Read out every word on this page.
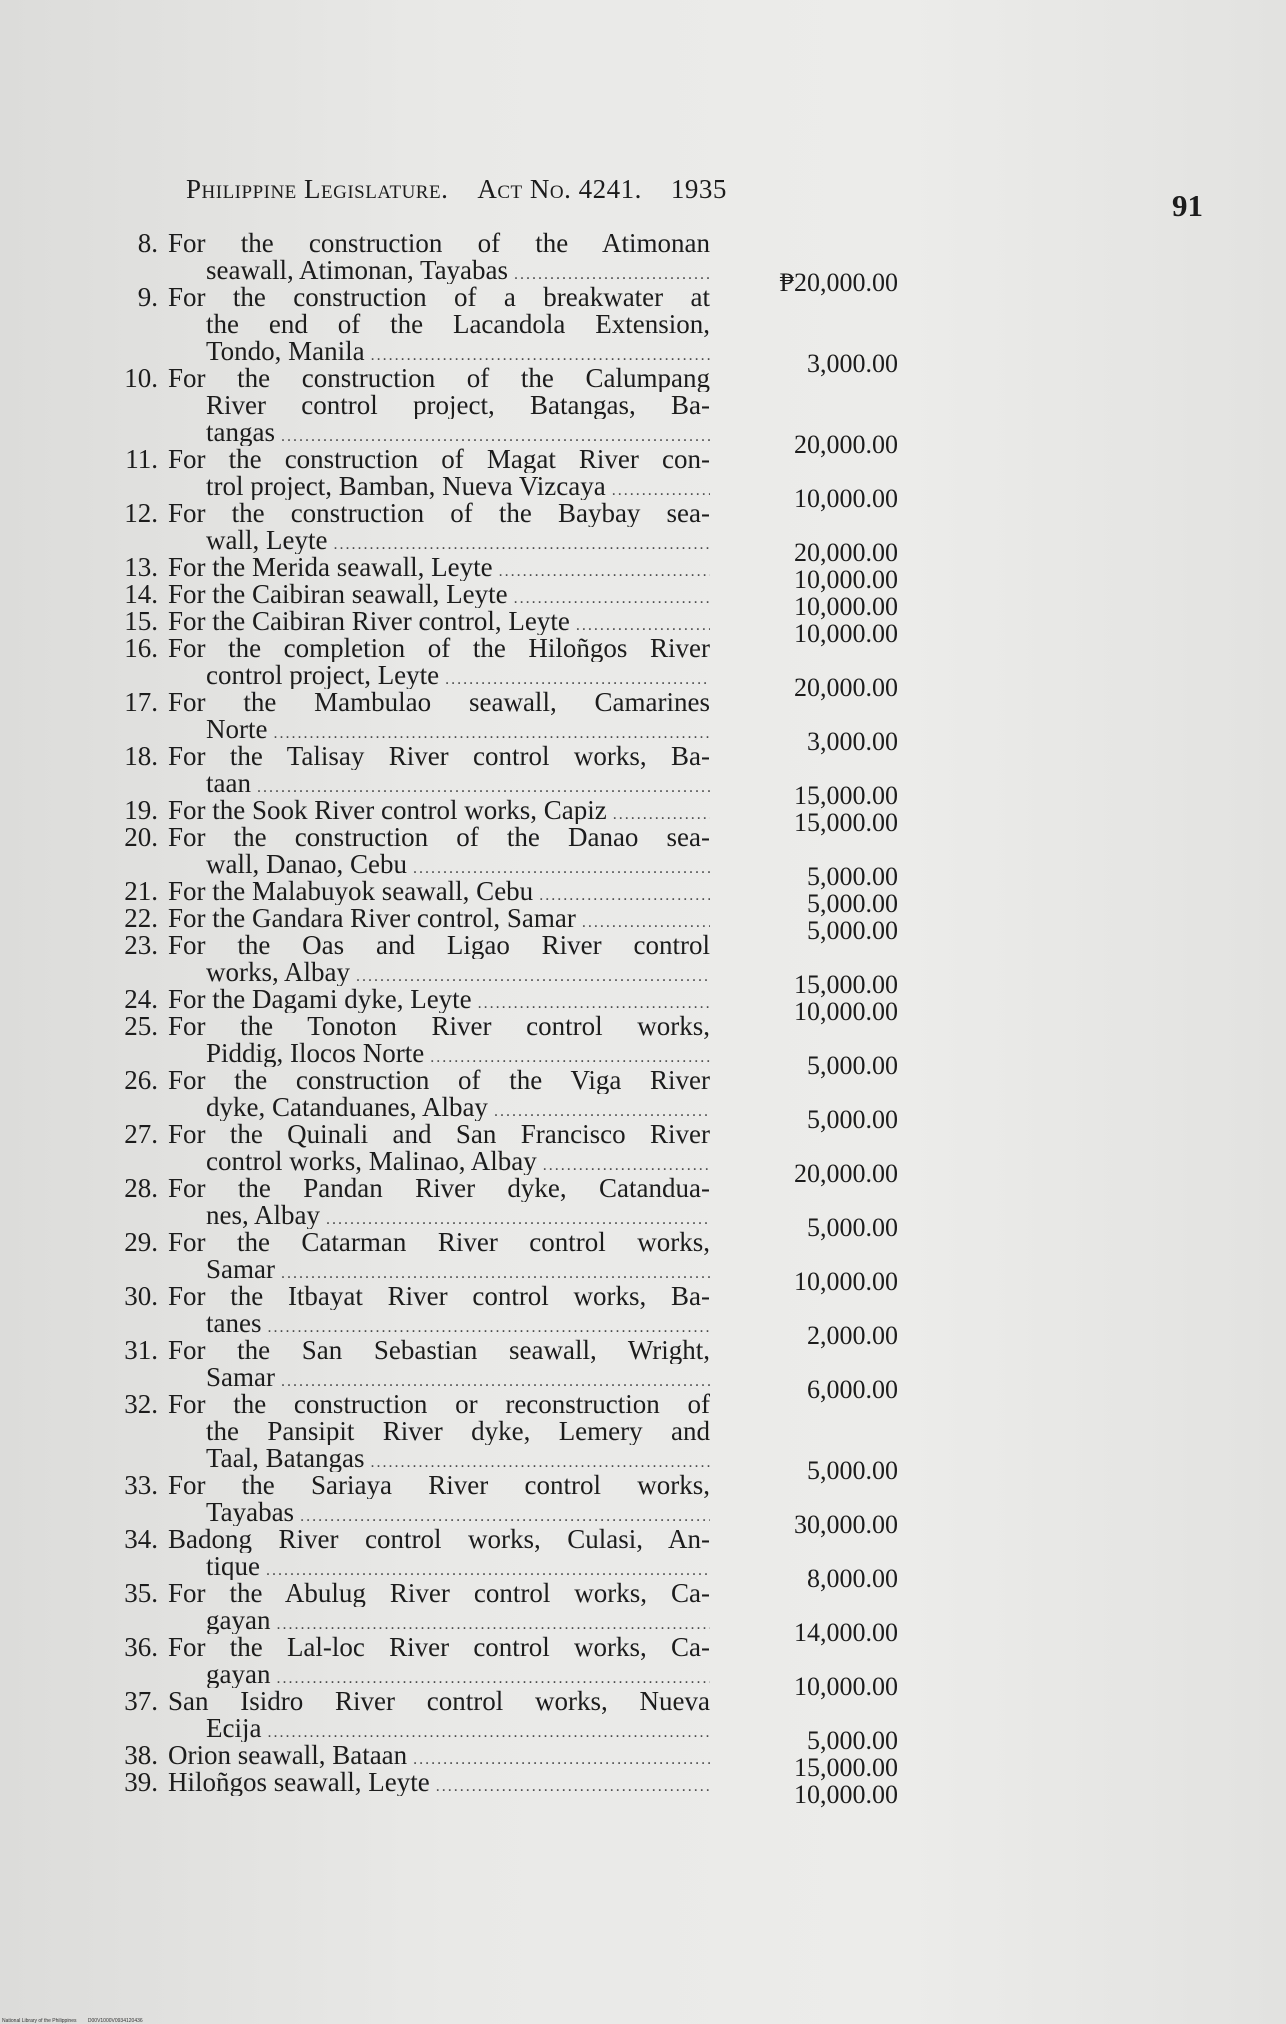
Philippine Legislature. Act No. 4241. 1935	91
8. For the construction of the Atimonan
seawall, Atimonan, Tayabas .....	₱20,000.00
9. For the construction of a breakwater at
the end of the Lacandola Extension,
Tondo, Manila .....	3,000.00
10. For the construction of the Calumpang
River control project, Batangas, Ba-
tangas .....	20,000.00
11. For the construction of Magat River con-
trol project, Bamban, Nueva Vizcaya .....	10,000.00
12. For the construction of the Baybay sea-
wall, Leyte .....	20,000.00
13. For the Merida seawall, Leyte .....	10,000.00
14. For the Caibiran seawall, Leyte .....	10,000.00
15. For the Caibiran River control, Leyte .....	10,000.00
16. For the completion of the Hiloñgos River
control project, Leyte .....	20,000.00
17. For the Mambulao seawall, Camarines
Norte .....	3,000.00
18. For the Talisay River control works, Ba-
taan .....	15,000.00
19. For the Sook River control works, Capiz .....	15,000.00
20. For the construction of the Danao sea-
wall, Danao, Cebu .....	5,000.00
21. For the Malabuyok seawall, Cebu .....	5,000.00
22. For the Gandara River control, Samar .....	5,000.00
23. For the Oas and Ligao River control
works, Albay .....	15,000.00
24. For the Dagami dyke, Leyte .....	10,000.00
25. For the Tonoton River control works,
Piddig, Ilocos Norte .....	5,000.00
26. For the construction of the Viga River
dyke, Catanduanes, Albay .....	5,000.00
27. For the Quinali and San Francisco River
control works, Malinao, Albay .....	20,000.00
28. For the Pandan River dyke, Catandua-
nes, Albay .....	5,000.00
29. For the Catarman River control works,
Samar .....	10,000.00
30. For the Itbayat River control works, Ba-
tanes .....	2,000.00
31. For the San Sebastian seawall, Wright,
Samar .....	6,000.00
32. For the construction or reconstruction of
the Pansipit River dyke, Lemery and
Taal, Batangas .....	5,000.00
33. For the Sariaya River control works,
Tayabas .....	30,000.00
34. Badong River control works, Culasi, An-
tique .....	8,000.00
35. For the Abulug River control works, Ca-
gayan .....	14,000.00
36. For the Lal-loc River control works, Ca-
gayan .....	10,000.00
37. San Isidro River control works, Nueva
Ecija .....	5,000.00
38. Orion seawall, Bataan .....	15,000.00
39. Hiloñgos seawall, Leyte .....	10,000.00
National Library of the Philippines D00V1000V0934120436
